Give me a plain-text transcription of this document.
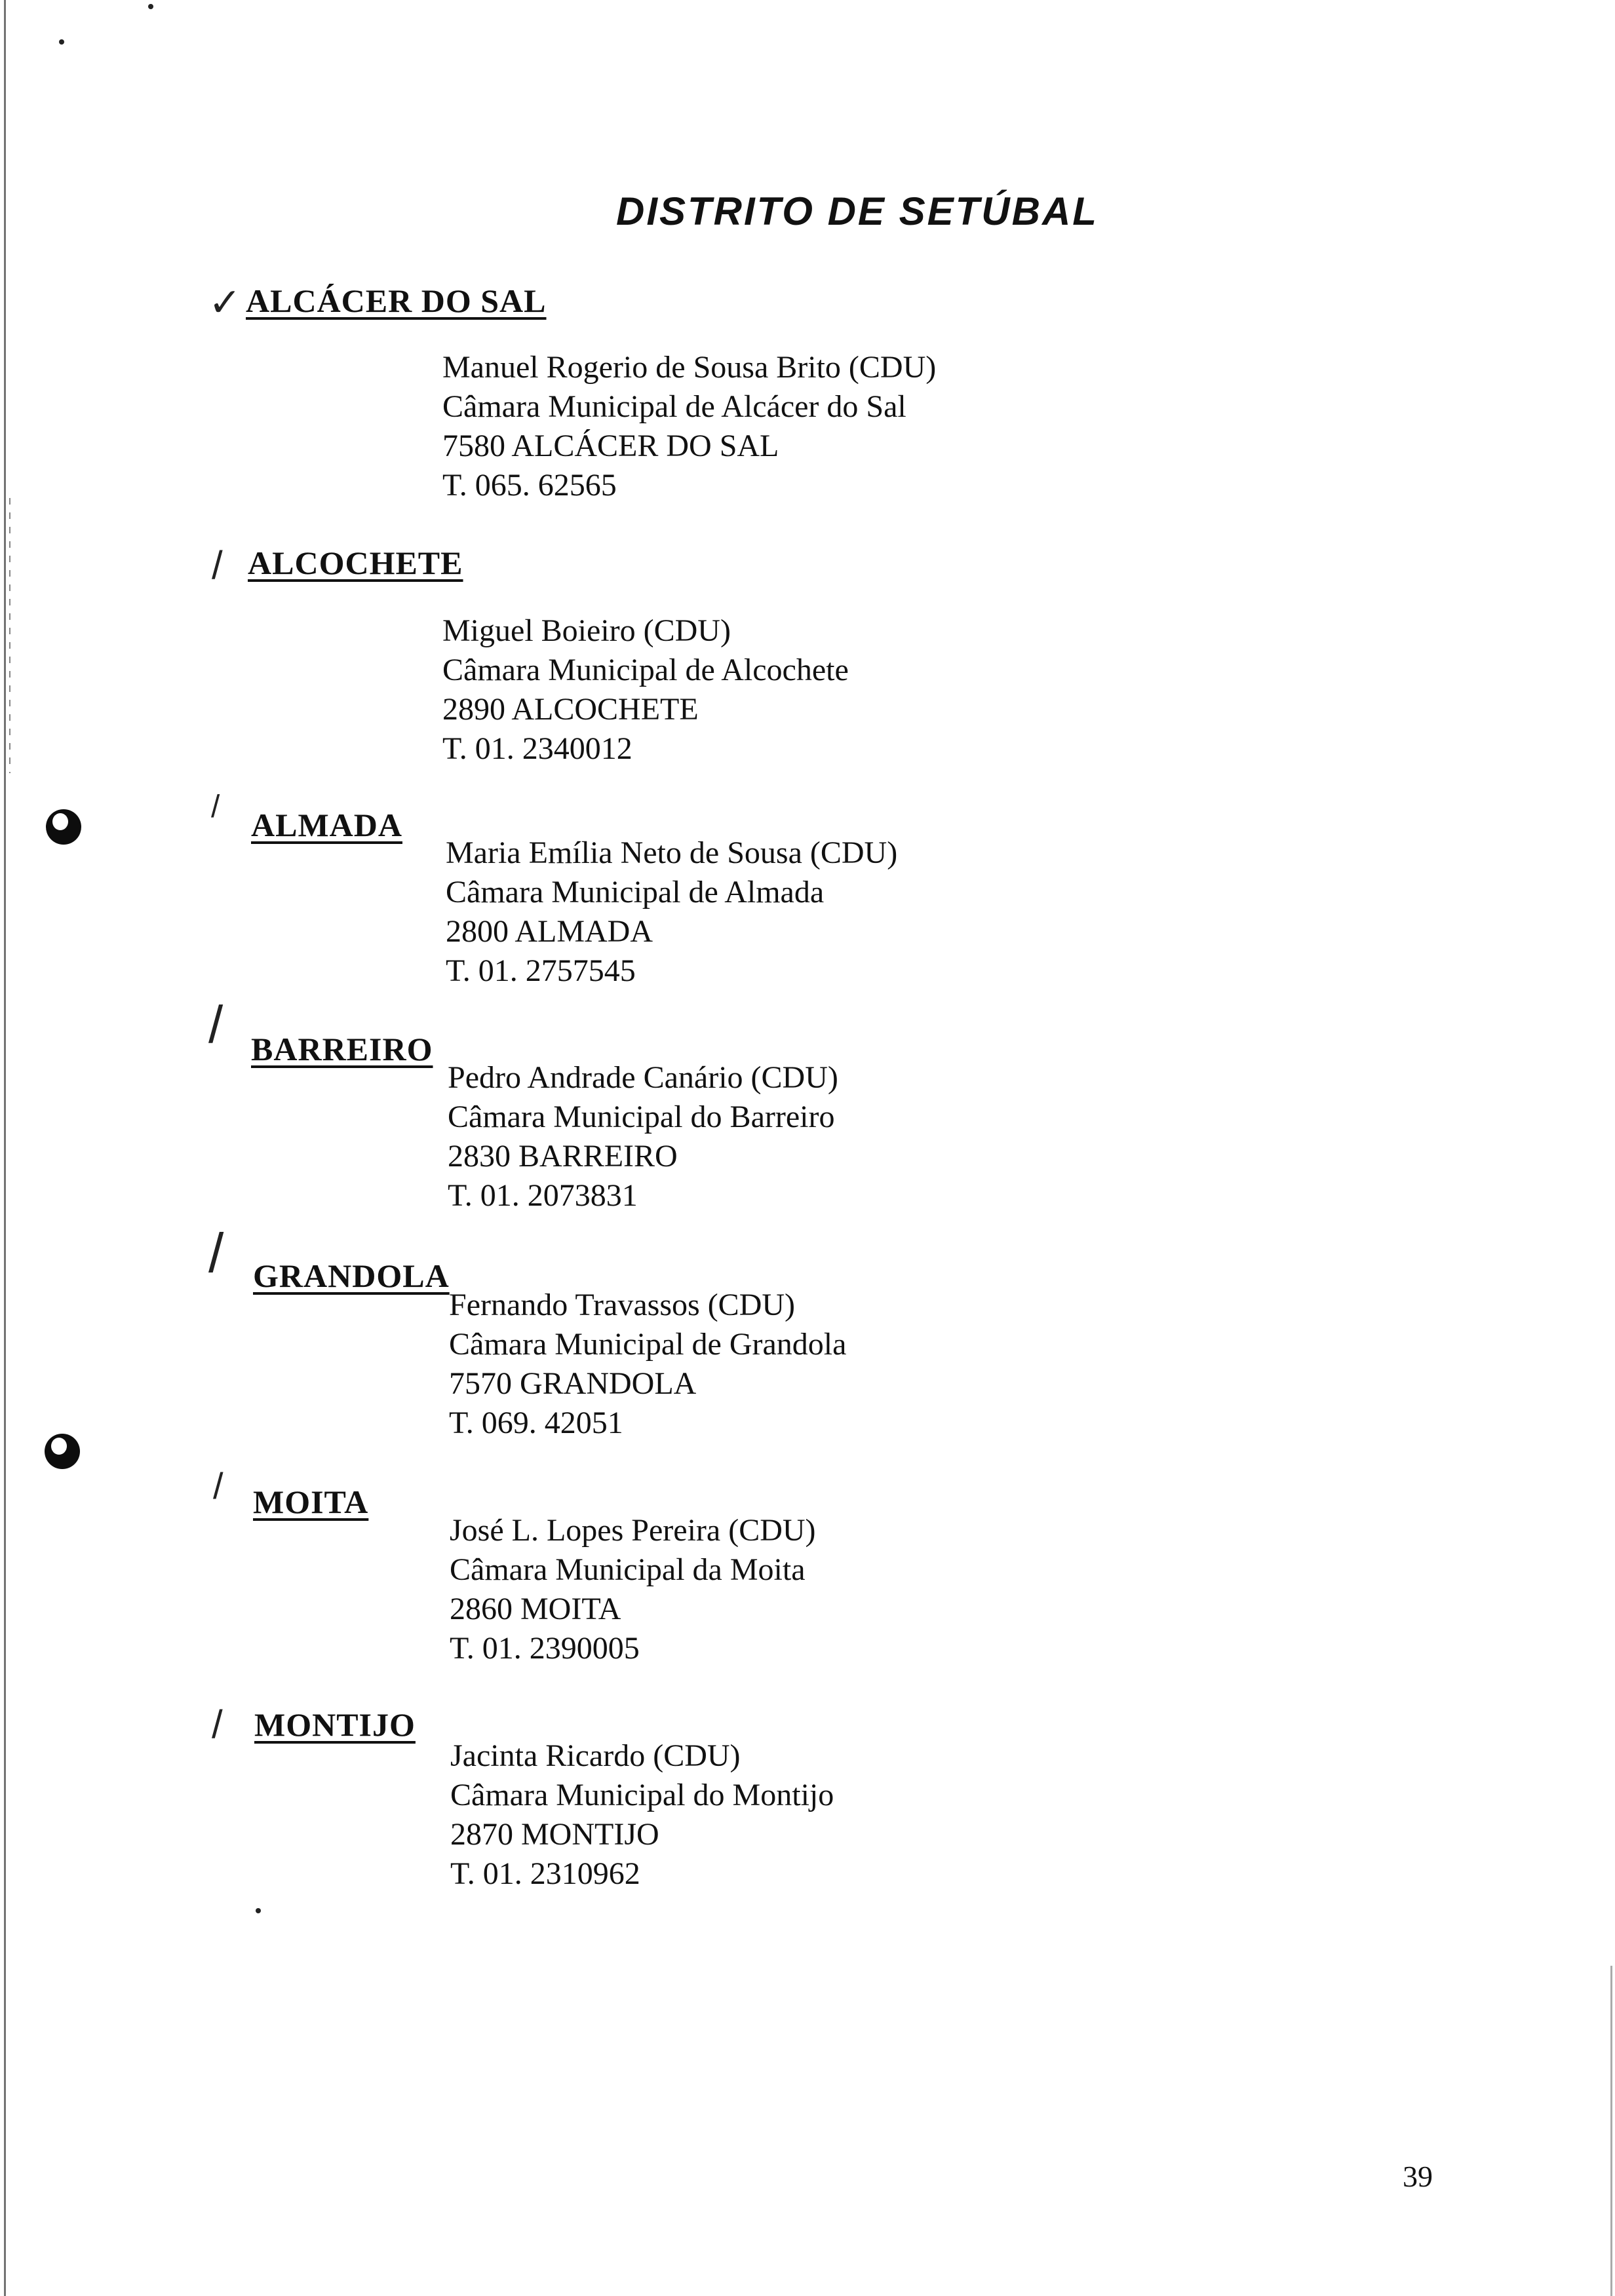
DISTRITO DE SETÚBAL
✓ ALCÁCER DO SAL
Manuel Rogerio de Sousa Brito (CDU)
Câmara Municipal de Alcácer do Sal
7580 ALCÁCER DO SAL
T. 065. 62565
/ ALCOCHETE
Miguel Boieiro (CDU)
Câmara Municipal de Alcochete
2890 ALCOCHETE
T. 01. 2340012
/ ALMADA
Maria Emília Neto de Sousa (CDU)
Câmara Municipal de Almada
2800 ALMADA
T. 01. 2757545
/ BARREIRO
Pedro Andrade Canário (CDU)
Câmara Municipal do Barreiro
2830 BARREIRO
T. 01. 2073831
/ GRANDOLA
Fernando Travassos (CDU)
Câmara Municipal de Grandola
7570 GRANDOLA
T. 069. 42051
/ MOITA
José L. Lopes Pereira (CDU)
Câmara Municipal da Moita
2860 MOITA
T. 01. 2390005
/ MONTIJO
Jacinta Ricardo (CDU)
Câmara Municipal do Montijo
2870 MONTIJO
T. 01. 2310962
39
